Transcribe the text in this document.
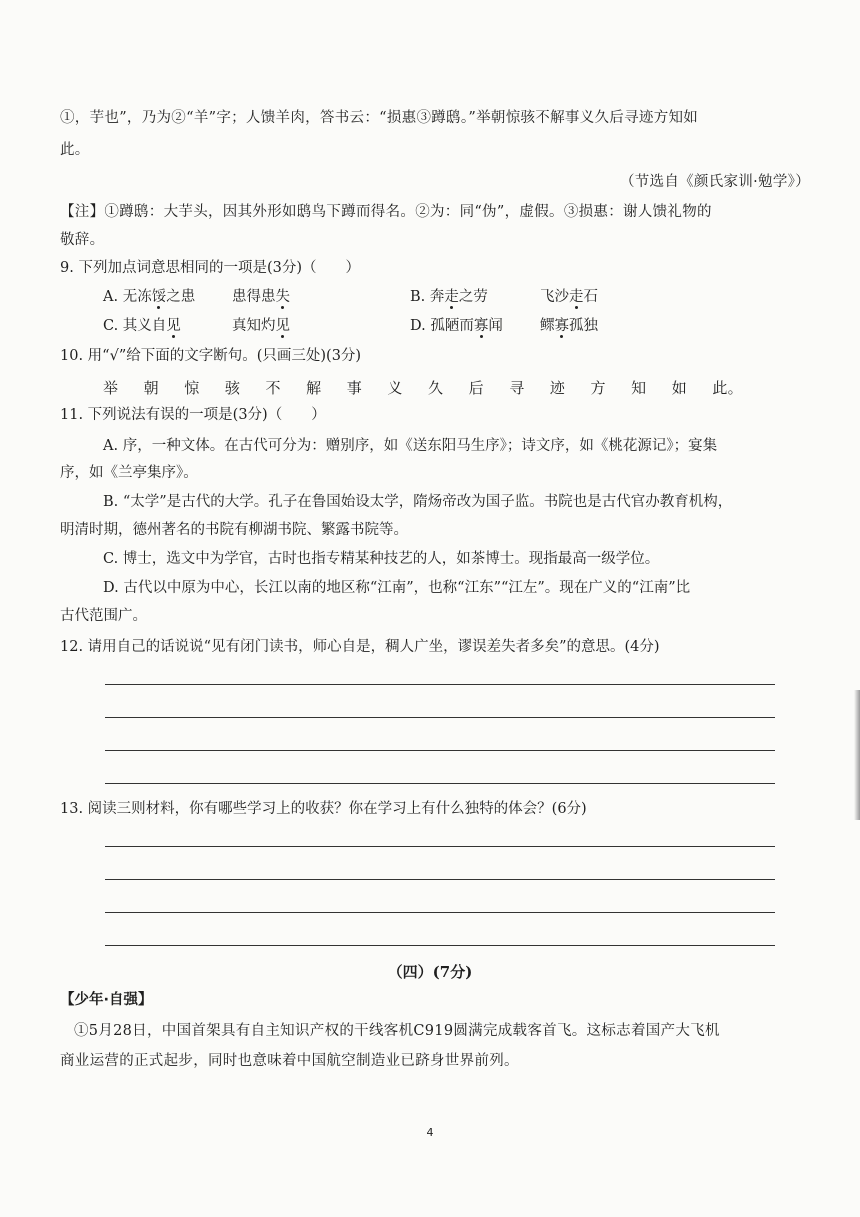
①，芋也”，乃为②“羊”字；人馈羊肉，答书云：“损惠③蹲鸱。”举朝惊骇不解事义久后寻迹方知如
此。
（节选自《颜氏家训·勉学》）
【注】①蹲鸱：大芋头，因其外形如鸱鸟下蹲而得名。②为：同“伪”，虚假。③损惠：谢人馈礼物的
敬辞。
9. 下列加点词意思相同的一项是(3分)（　　）
A. 无冻馁之患	患得患失	B. 奔走之劳	飞沙走石
C. 其义自见	真知灼见	D. 孤陋而寡闻	鳏寡孤独
10. 用“√”给下面的文字断句。(只画三处)(3分)
举 朝 惊 骇 不 解 事 义 久 后 寻 迹 方 知 如 此。
11. 下列说法有误的一项是(3分)（　　）
A. 序，一种文体。在古代可分为：赠别序，如《送东阳马生序》；诗文序，如《桃花源记》；宴集
序，如《兰亭集序》。
B. “太学”是古代的大学。孔子在鲁国始设太学，隋炀帝改为国子监。书院也是古代官办教育机构，
明清时期，德州著名的书院有柳湖书院、繁露书院等。
C. 博士，选文中为学官，古时也指专精某种技艺的人，如茶博士。现指最高一级学位。
D. 古代以中原为中心，长江以南的地区称“江南”，也称“江东”“江左”。现在广义的“江南”比
古代范围广。
12. 请用自己的话说说“见有闭门读书，师心自是，稠人广坐，谬误差失者多矣”的意思。(4分)
13. 阅读三则材料，你有哪些学习上的收获？你在学习上有什么独特的体会？(6分)
（四）(7分)
【少年·自强】
①5月28日，中国首架具有自主知识产权的干线客机C919圆满完成载客首飞。这标志着国产大飞机
商业运营的正式起步，同时也意味着中国航空制造业已跻身世界前列。
4
